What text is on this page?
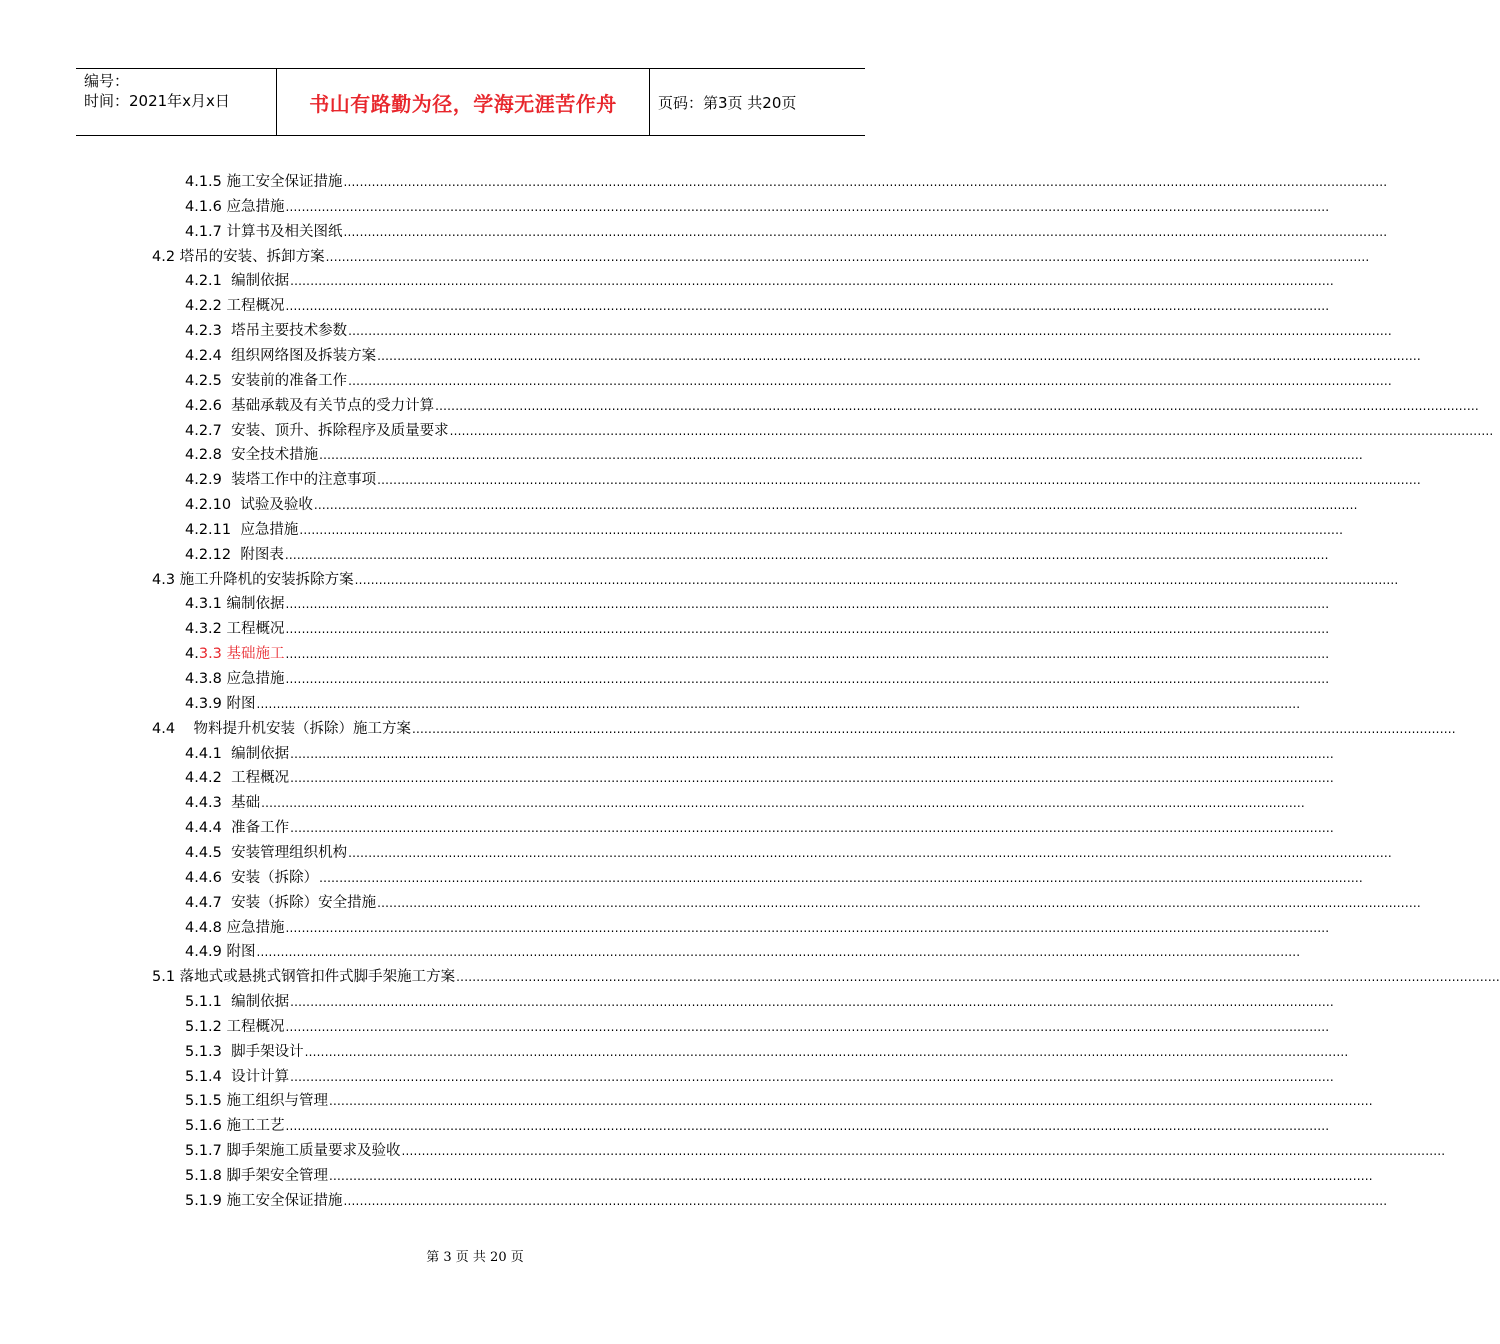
编号：
时间：2021年x月x日	书山有路勤为径，学海无涯苦作舟	页码：第3页 共20页
4.1.5 施工安全保证措施 ....................................................................................................................................................................................................................................................................
4.1.6 应急措施 ....................................................................................................................................................................................................................................................................
4.1.7 计算书及相关图纸 ....................................................................................................................................................................................................................................................................
4.2 塔吊的安装、拆卸方案 ....................................................................................................................................................................................................................................................................
4.2.1  编制依据 ....................................................................................................................................................................................................................................................................
4.2.2 工程概况 ....................................................................................................................................................................................................................................................................
4.2.3  塔吊主要技术参数 ....................................................................................................................................................................................................................................................................
4.2.4  组织网络图及拆装方案 ....................................................................................................................................................................................................................................................................
4.2.5  安装前的准备工作 ....................................................................................................................................................................................................................................................................
4.2.6  基础承载及有关节点的受力计算 ....................................................................................................................................................................................................................................................................
4.2.7  安装、顶升、拆除程序及质量要求 ....................................................................................................................................................................................................................................................................
4.2.8  安全技术措施 ....................................................................................................................................................................................................................................................................
4.2.9  装塔工作中的注意事项 ....................................................................................................................................................................................................................................................................
4.2.10  试验及验收 ....................................................................................................................................................................................................................................................................
4.2.11  应急措施 ....................................................................................................................................................................................................................................................................
4.2.12  附图表 ....................................................................................................................................................................................................................................................................
4.3 施工升降机的安装拆除方案 ....................................................................................................................................................................................................................................................................
4.3.1 编制依据 ....................................................................................................................................................................................................................................................................
4.3.2 工程概况 ....................................................................................................................................................................................................................................................................
4.3.3 基础施工 ....................................................................................................................................................................................................................................................................
4.3.8 应急措施 ....................................................................................................................................................................................................................................................................
4.3.9 附图 ....................................................................................................................................................................................................................................................................
4.4    物料提升机安装（拆除）施工方案 ....................................................................................................................................................................................................................................................................
4.4.1  编制依据 ....................................................................................................................................................................................................................................................................
4.4.2  工程概况 ....................................................................................................................................................................................................................................................................
4.4.3  基础 ....................................................................................................................................................................................................................................................................
4.4.4  准备工作 ....................................................................................................................................................................................................................................................................
4.4.5  安装管理组织机构 ....................................................................................................................................................................................................................................................................
4.4.6  安装（拆除） ....................................................................................................................................................................................................................................................................
4.4.7  安装（拆除）安全措施 ....................................................................................................................................................................................................................................................................
4.4.8 应急措施 ....................................................................................................................................................................................................................................................................
4.4.9 附图 ....................................................................................................................................................................................................................................................................
5.1 落地式或悬挑式钢管扣件式脚手架施工方案 ....................................................................................................................................................................................................................................................................
5.1.1  编制依据 ....................................................................................................................................................................................................................................................................
5.1.2 工程概况 ....................................................................................................................................................................................................................................................................
5.1.3  脚手架设计 ....................................................................................................................................................................................................................................................................
5.1.4  设计计算 ....................................................................................................................................................................................................................................................................
5.1.5 施工组织与管理 ....................................................................................................................................................................................................................................................................
5.1.6 施工工艺 ....................................................................................................................................................................................................................................................................
5.1.7 脚手架施工质量要求及验收 ....................................................................................................................................................................................................................................................................
5.1.8 脚手架安全管理 ....................................................................................................................................................................................................................................................................
5.1.9 施工安全保证措施 ....................................................................................................................................................................................................................................................................
第 3 页 共 20 页
